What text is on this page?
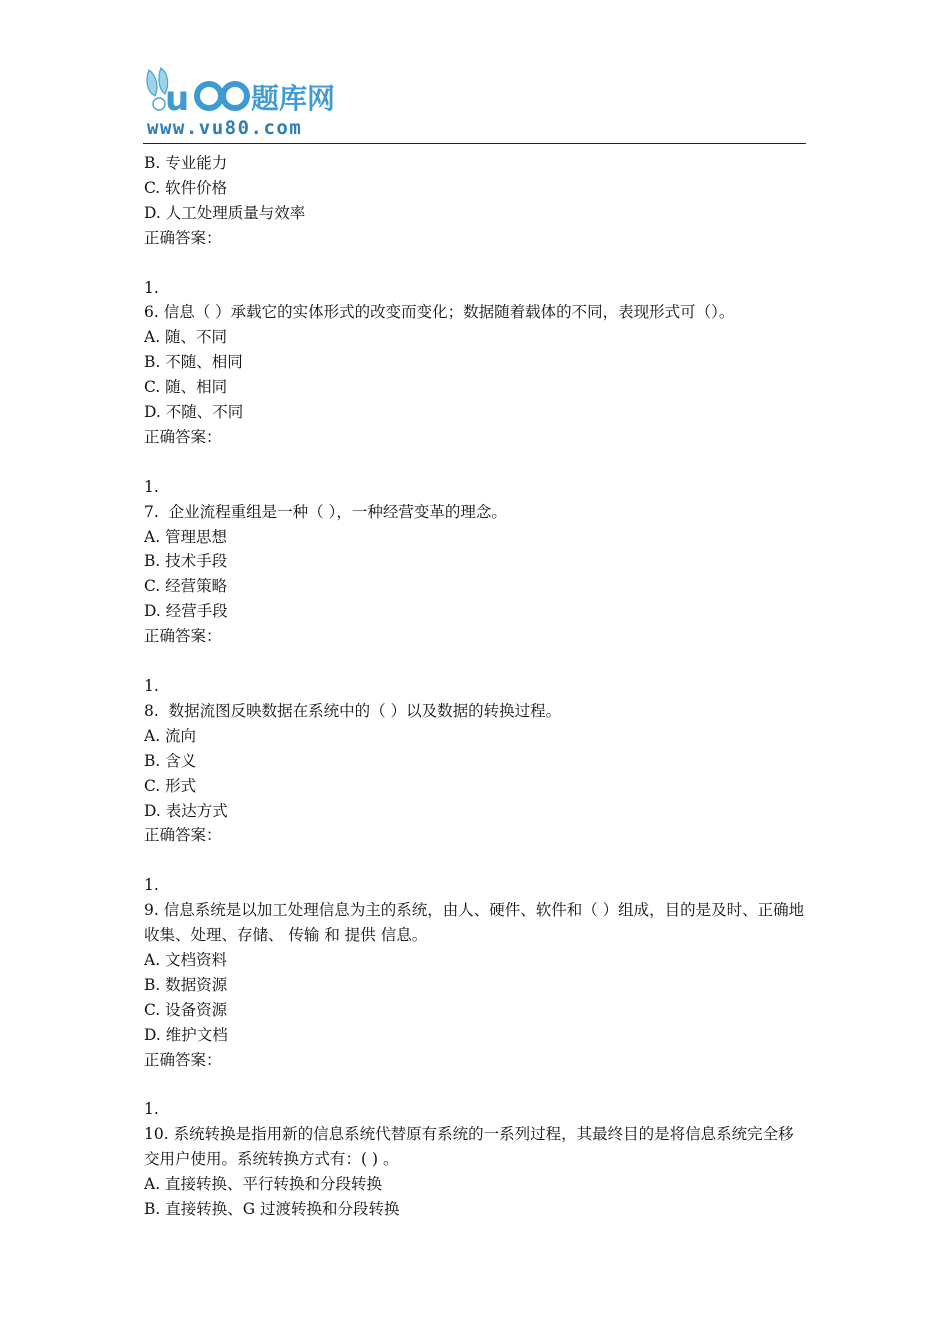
u 题库网
www.vu80.com
B. 专业能力
C. 软件价格
D. 人工处理质量与效率
正确答案：
1.
6. 信息（ ）承载它的实体形式的改变而变化；数据随着载体的不同，表现形式可（）。
A. 随、不同
B. 不随、相同
C. 随、相同
D. 不随、不同
正确答案：
1.
7.  企业流程重组是一种（ ），一种经营变革的理念。
A. 管理思想
B. 技术手段
C. 经营策略
D. 经营手段
正确答案：
1.
8.  数据流图反映数据在系统中的（ ）以及数据的转换过程。
A. 流向
B. 含义
C. 形式
D. 表达方式
正确答案：
1.
9. 信息系统是以加工处理信息为主的系统，由人、硬件、软件和（ ）组成，目的是及时、正确地收集、处理、存储、 传输 和 提供 信息。
A. 文档资料
B. 数据资源
C. 设备资源
D. 维护文档
正确答案：
1.
10. 系统转换是指用新的信息系统代替原有系统的一系列过程，其最终目的是将信息系统完全移交用户使用。系统转换方式有：( ) 。
A. 直接转换、平行转换和分段转换
B. 直接转换、G 过渡转换和分段转换
